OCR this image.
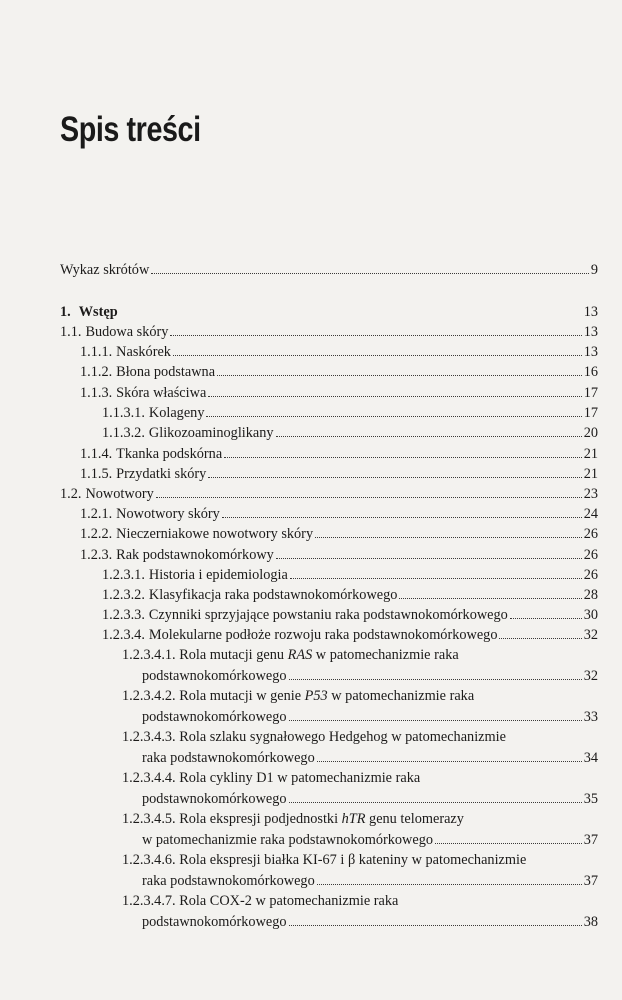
Spis treści
Wykaz skrótów	9
1. Wstęp	13
1.1. Budowa skóry	13
1.1.1. Naskórek	13
1.1.2. Błona podstawna	16
1.1.3. Skóra właściwa	17
1.1.3.1. Kolageny	17
1.1.3.2. Glikozoaminoglikany	20
1.1.4. Tkanka podskórna	21
1.1.5. Przydatki skóry	21
1.2. Nowotwory	23
1.2.1. Nowotwory skóry	24
1.2.2. Nieczerniakowe nowotwory skóry	26
1.2.3. Rak podstawnokomórkowy	26
1.2.3.1. Historia i epidemiologia	26
1.2.3.2. Klasyfikacja raka podstawnokomórkowego	28
1.2.3.3. Czynniki sprzyjające powstaniu raka podstawnokomórkowego	30
1.2.3.4. Molekularne podłoże rozwoju raka podstawnokomórkowego	32
1.2.3.4.1. Rola mutacji genu RAS w patomechanizmie raka
podstawnokomórkowego	32
1.2.3.4.2. Rola mutacji w genie P53 w patomechanizmie raka
podstawnokomórkowego	33
1.2.3.4.3. Rola szlaku sygnałowego Hedgehog w patomechanizmie
raka podstawnokomórkowego	34
1.2.3.4.4. Rola cykliny D1 w patomechanizmie raka
podstawnokomórkowego	35
1.2.3.4.5. Rola ekspresji podjednostki hTR genu telomerazy
w patomechanizmie raka podstawnokomórkowego	37
1.2.3.4.6. Rola ekspresji białka KI-67 i β kateniny w patomechanizmie
raka podstawnokomórkowego	37
1.2.3.4.7. Rola COX-2 w patomechanizmie raka
podstawnokomórkowego	38
